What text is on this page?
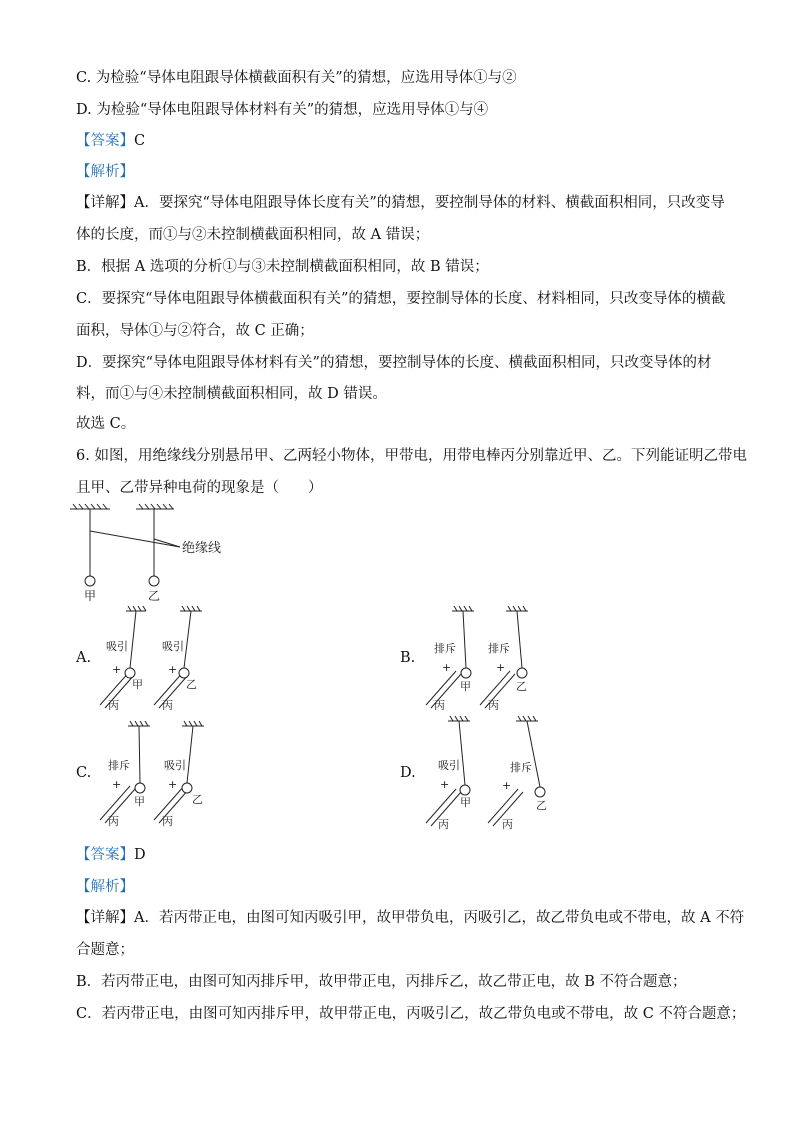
C. 为检验“导体电阻跟导体横截面积有关”的猜想，应选用导体①与②
D. 为检验“导体电阻跟导体材料有关”的猜想，应选用导体①与④
【答案】C
【解析】
【详解】A．要探究“导体电阻跟导体长度有关”的猜想，要控制导体的材料、横截面积相同，只改变导
体的长度，而①与②未控制横截面积相同，故 A 错误；
B．根据 A 选项的分析①与③未控制横截面积相同，故 B 错误；
C．要探究“导体电阻跟导体横截面积有关”的猜想，要控制导体的长度、材料相同，只改变导体的横截
面积，导体①与②符合，故 C 正确；
D．要探究“导体电阻跟导体材料有关”的猜想，要控制导体的长度、横截面积相同，只改变导体的材
料，而①与④未控制横截面积相同，故 D 错误。
故选 C。
6. 如图，用绝缘线分别悬吊甲、乙两轻小物体，甲带电，用带电棒丙分别靠近甲、乙。下列能证明乙带电
且甲、乙带异种电荷的现象是（　　）
绝缘线
甲	乙
A.	B.
C.	D.
吸引	吸引
+	+
甲	乙
丙	丙
排斥	排斥
+	+
甲	乙
丙	丙
排斥	吸引
+	+
甲	乙
丙	丙
吸引	排斥
+	+
甲	乙
丙	丙
【答案】D
【解析】
【详解】A．若丙带正电，由图可知丙吸引甲，故甲带负电，丙吸引乙，故乙带负电或不带电，故 A 不符
合题意；
B．若丙带正电，由图可知丙排斥甲，故甲带正电，丙排斥乙，故乙带正电，故 B 不符合题意；
C．若丙带正电，由图可知丙排斥甲，故甲带正电，丙吸引乙，故乙带负电或不带电，故 C 不符合题意；
